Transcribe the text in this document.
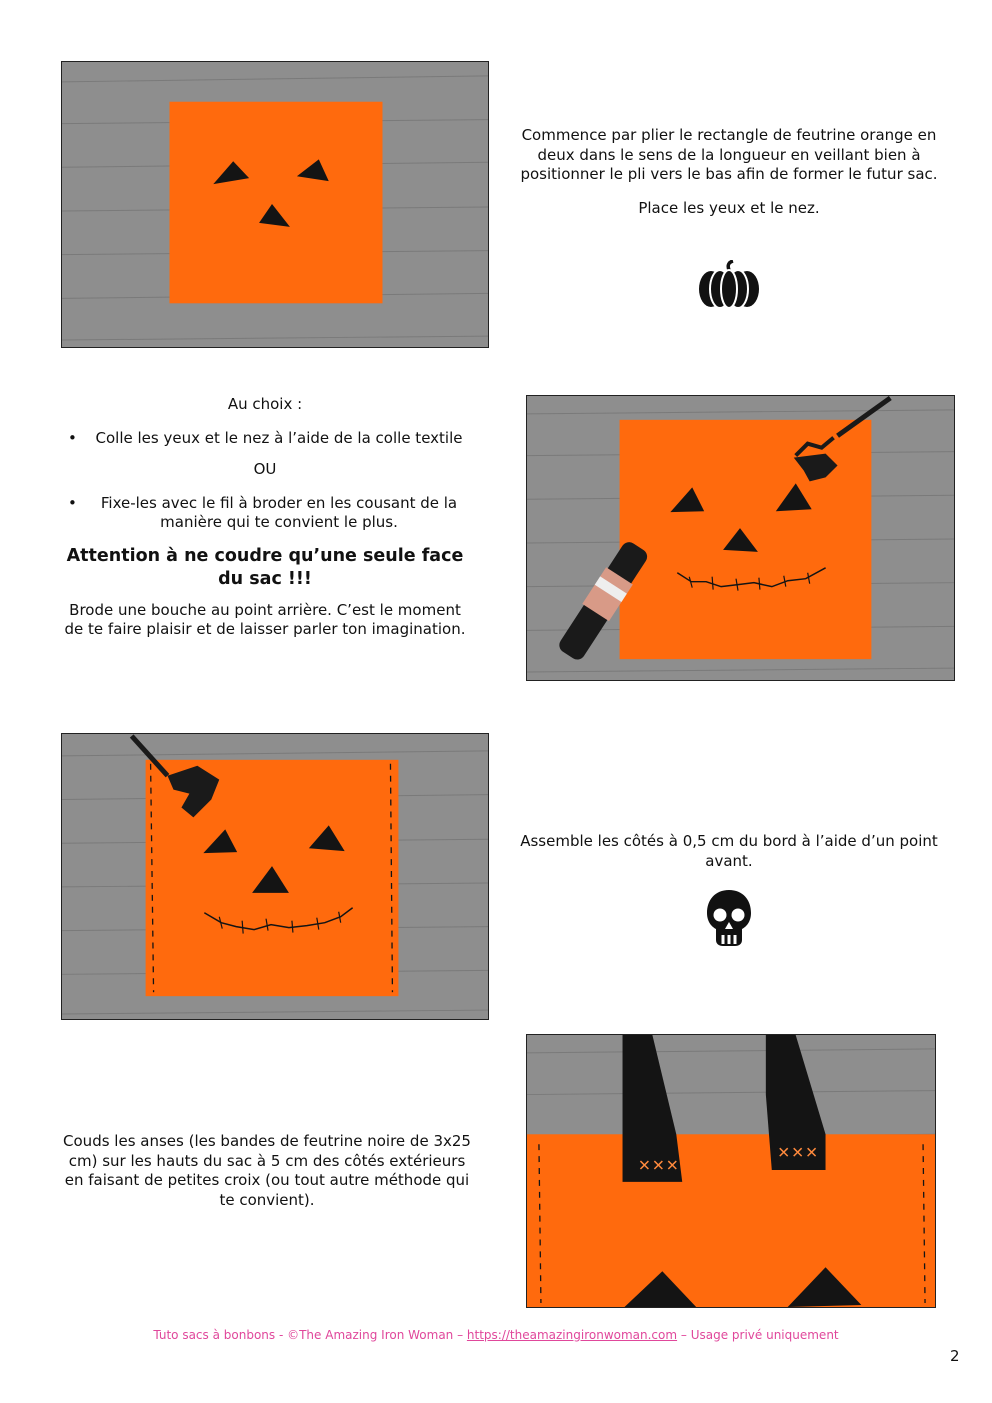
Commence par plier le rectangle de feutrine orange en deux dans le sens de la longueur en veillant bien à positionner le pli vers le bas afin de former le futur sac.

Place les yeux et le nez.

Au choix :

• Colle les yeux et le nez à l’aide de la colle textile

OU

• Fixe-les avec le fil à broder en les cousant de la manière qui te convient le plus.
Attention à ne coudre qu’une seule face du sac !!!

Brode une bouche au point arrière. C’est le moment de te faire plaisir et de laisser parler ton imagination.

Assemble les côtés à 0,5 cm du bord à l’aide d’un point avant.

Couds les anses (les bandes de feutrine noire de 3x25 cm) sur les hauts du sac à 5 cm des côtés extérieurs en faisant de petites croix (ou tout autre méthode qui te convient).

Tuto sacs à bonbons - ©The Amazing Iron Woman – https://theamazingironwoman.com – Usage privé uniquement
2
